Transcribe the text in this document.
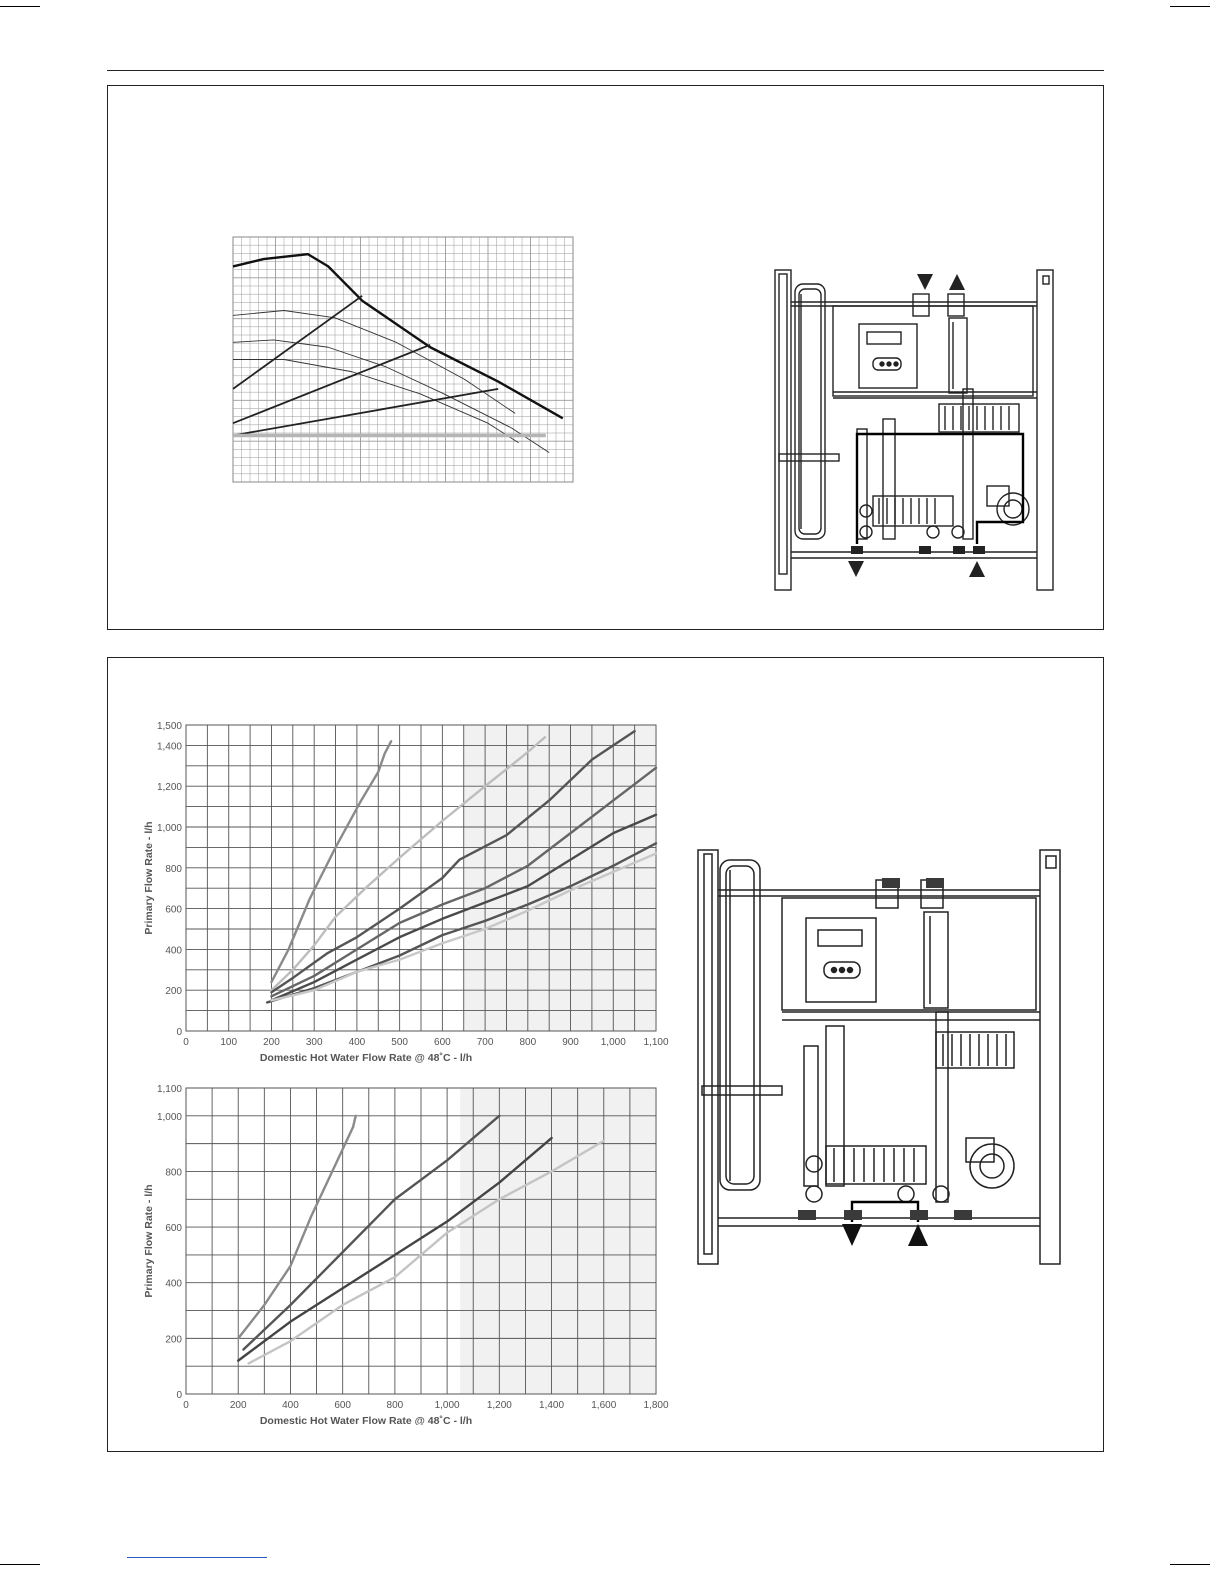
0	100	200	300	400	500	600	700	800	900 1,000 1,100
0
200
400
600
800
1,000
1,200
1,400
1,500
Domestic Hot Water Flow Rate @ 48˚C - l/h
Primary Flow Rate - l/h
0	200	400	600	800	1,000	1,200	1,400	1,600	1,800
0
200
400
600
800
1,000
1,100
Domestic Hot Water Flow Rate @ 48˚C - l/h
Primary Flow Rate - l/h
